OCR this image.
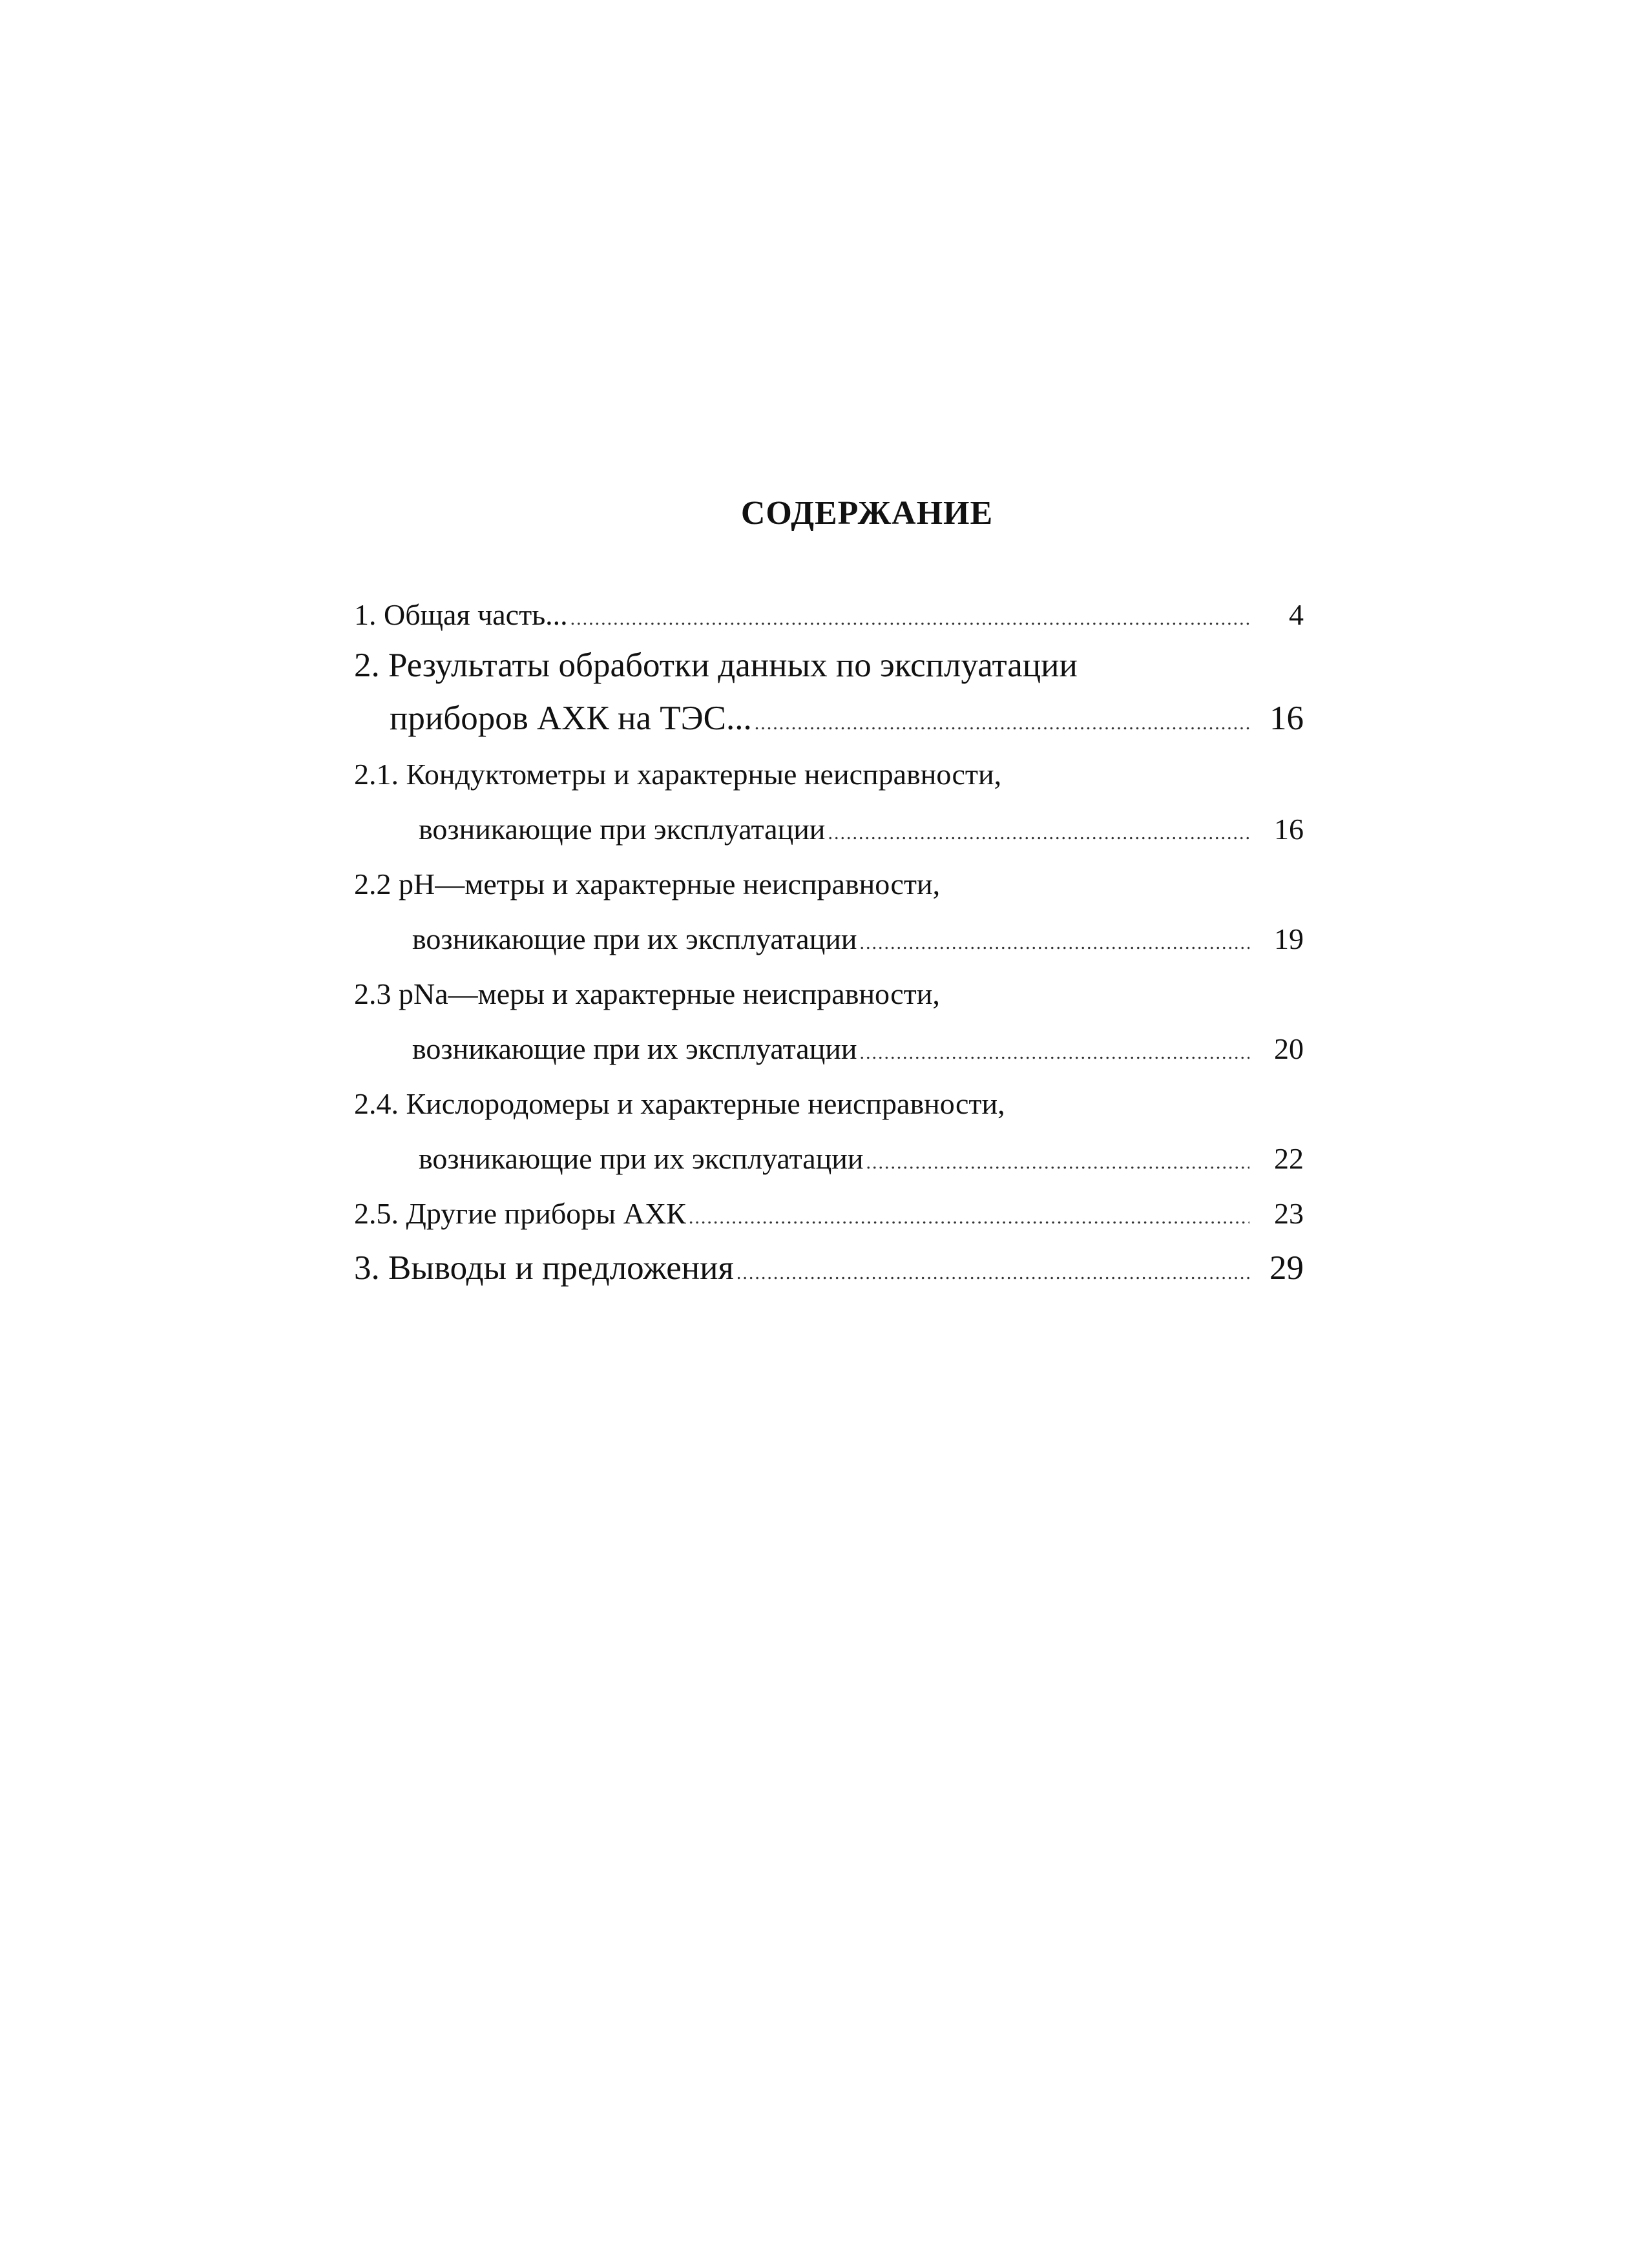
СОДЕРЖАНИЕ
1. Общая часть... .....	4
2. Результаты обработки данных по эксплуатации
приборов АХК на ТЭС... .....	16
2.1. Кондуктометры и характерные неисправности,
возникающие при эксплуатации .....	16
2.2 pH—метры и характерные неисправности,
возникающие при их эксплуатации .....	19
2.3 pNa—меры и характерные неисправности,
возникающие при их эксплуатации .....	20
2.4. Кислородомеры и характерные неисправности,
возникающие при их эксплуатации .....	22
2.5. Другие приборы АХК .....	23
3. Выводы и предложения .....	29
